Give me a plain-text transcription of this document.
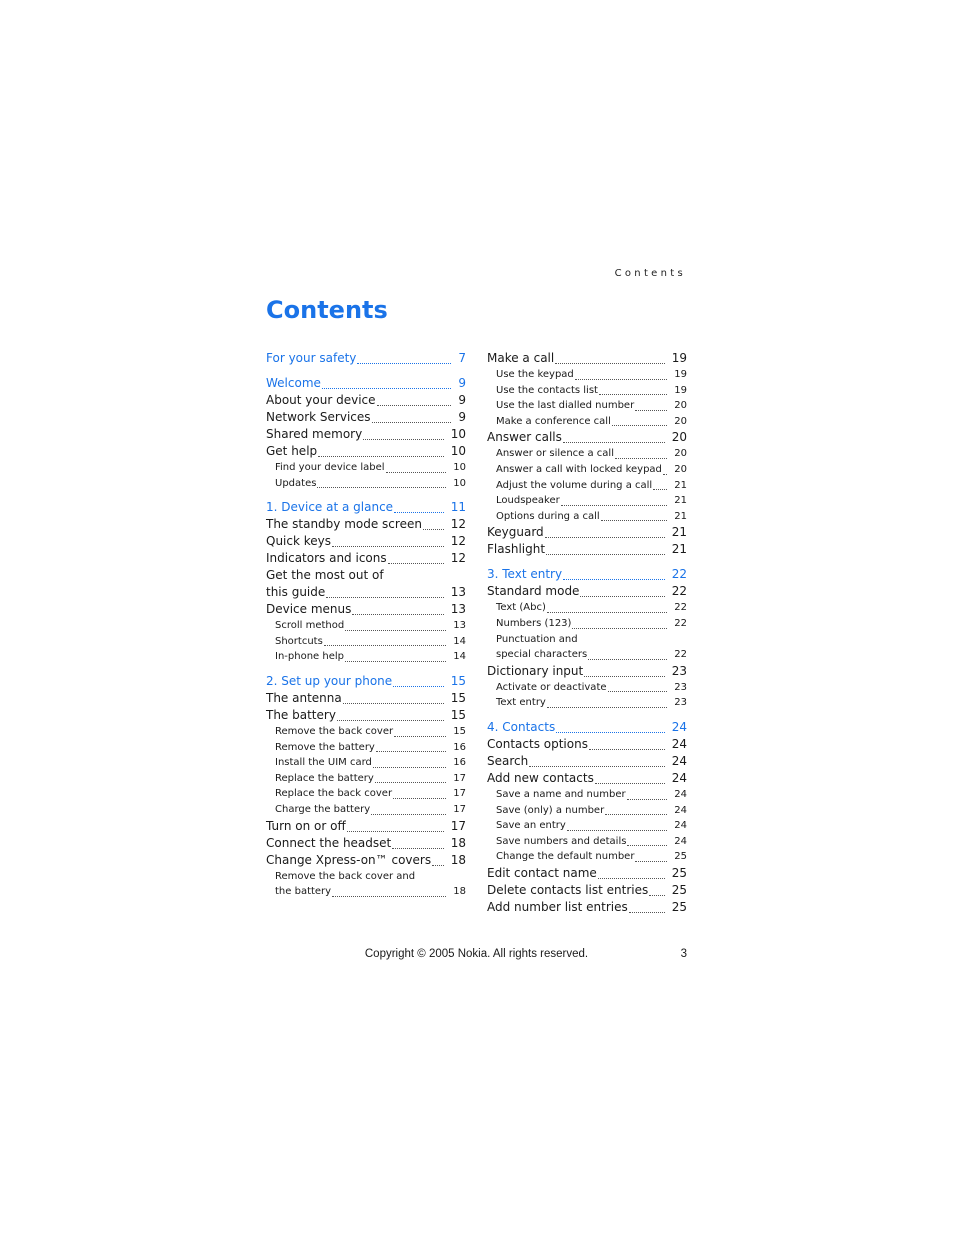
Contents
Contents
For your safety	7
Welcome	9
About your device	9
Network Services	9
Shared memory	10
Get help	10
Find your device label	10
Updates	10
1. Device at a glance	11
The standby mode screen 12
Quick keys	12
Indicators and icons	12
Get the most out of
this guide	13
Device menus	13
Scroll method	13
Shortcuts	14
In-phone help	14
2. Set up your phone	15
The antenna	15
The battery	15
Remove the back cover	15
Remove the battery	16
Install the UIM card	16
Replace the battery	17
Replace the back cover	17
Charge the battery	17
Turn on or off	17
Connect the headset	18
Change Xpress-on™ covers 18
Remove the back cover and
the battery	18
Make a call	19
Use the keypad	19
Use the contacts list	19
Use the last dialled number	20
Make a conference call	20
Answer calls	20
Answer or silence a call	20
Answer a call with locked keypad 20
Adjust the volume during a call 21
Loudspeaker	21
Options during a call	21
Keyguard	21
Flashlight	21
3. Text entry	22
Standard mode	22
Text (Abc)	22
Numbers (123)	22
Punctuation and
special characters	22
Dictionary input	23
Activate or deactivate	23
Text entry	23
4. Contacts	24
Contacts options	24
Search	24
Add new contacts	24
Save a name and number	24
Save (only) a number	24
Save an entry	24
Save numbers and details	24
Change the default number	25
Edit contact name	25
Delete contacts list entries 25
Add number list entries	25
Copyright © 2005 Nokia. All rights reserved.	3
